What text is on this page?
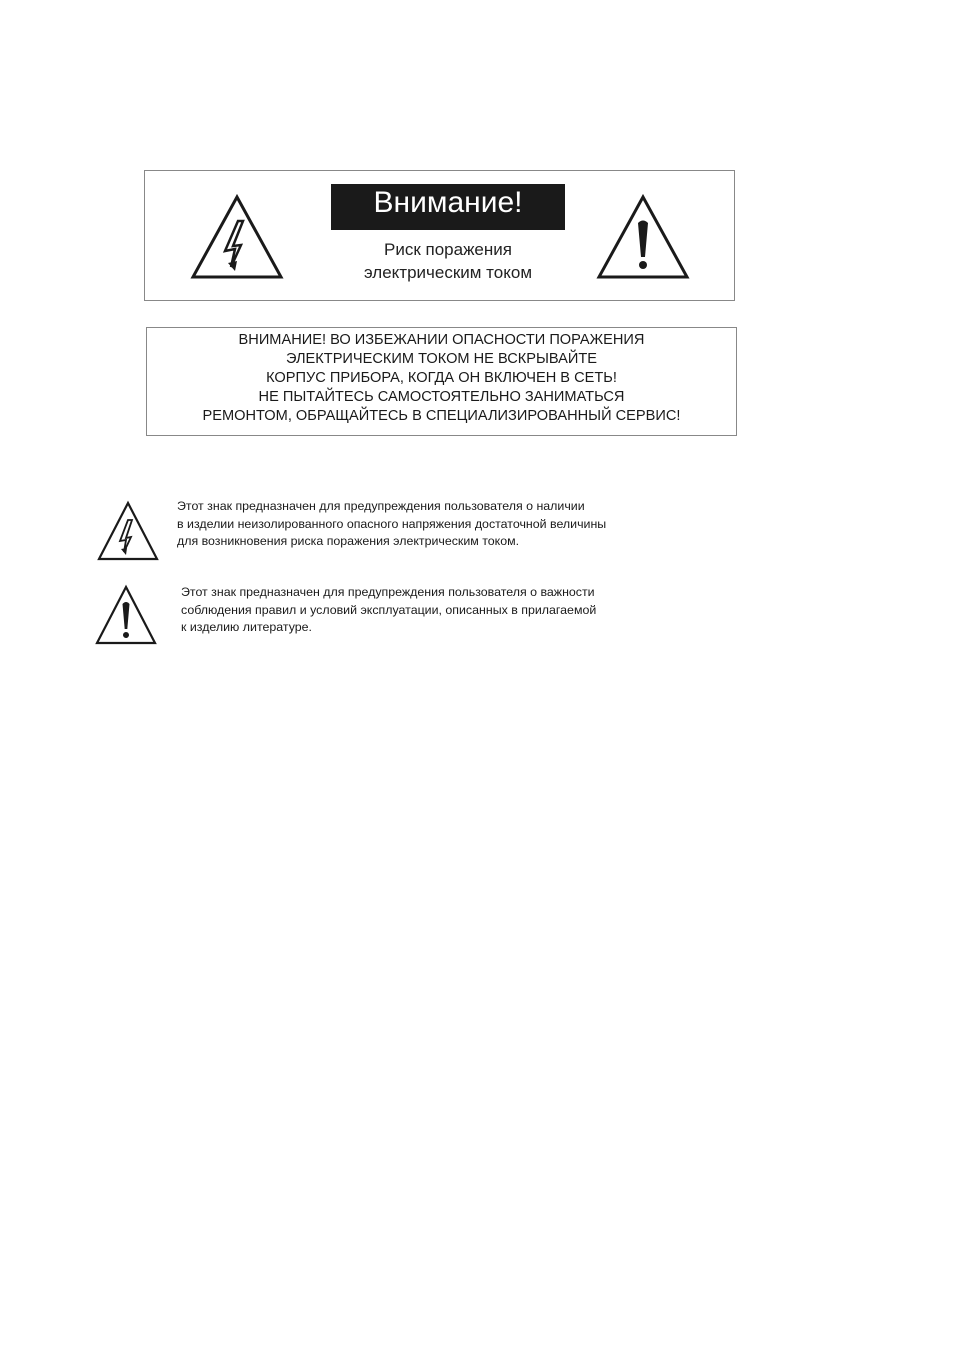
Внимание!
Риск поражения
электрическим током
ВНИМАНИЕ! ВО ИЗБЕЖАНИИ ОПАСНОСТИ ПОРАЖЕНИЯ
ЭЛЕКТРИЧЕСКИМ ТОКОМ НЕ ВСКРЫВАЙТЕ
КОРПУС ПРИБОРА, КОГДА ОН ВКЛЮЧЕН В СЕТЬ!
НЕ ПЫТАЙТЕСЬ САМОСТОЯТЕЛЬНО ЗАНИМАТЬСЯ
РЕМОНТОМ, ОБРАЩАЙТЕСЬ В СПЕЦИАЛИЗИРОВАННЫЙ СЕРВИС!
Этот знак предназначен для предупреждения пользователя о наличии
в изделии неизолированного опасного напряжения достаточной величины
для возникновения риска поражения электрическим током.
Этот знак предназначен для предупреждения пользователя о важности
соблюдения правил и условий эксплуатации, описанных в прилагаемой
к изделию литературе.
